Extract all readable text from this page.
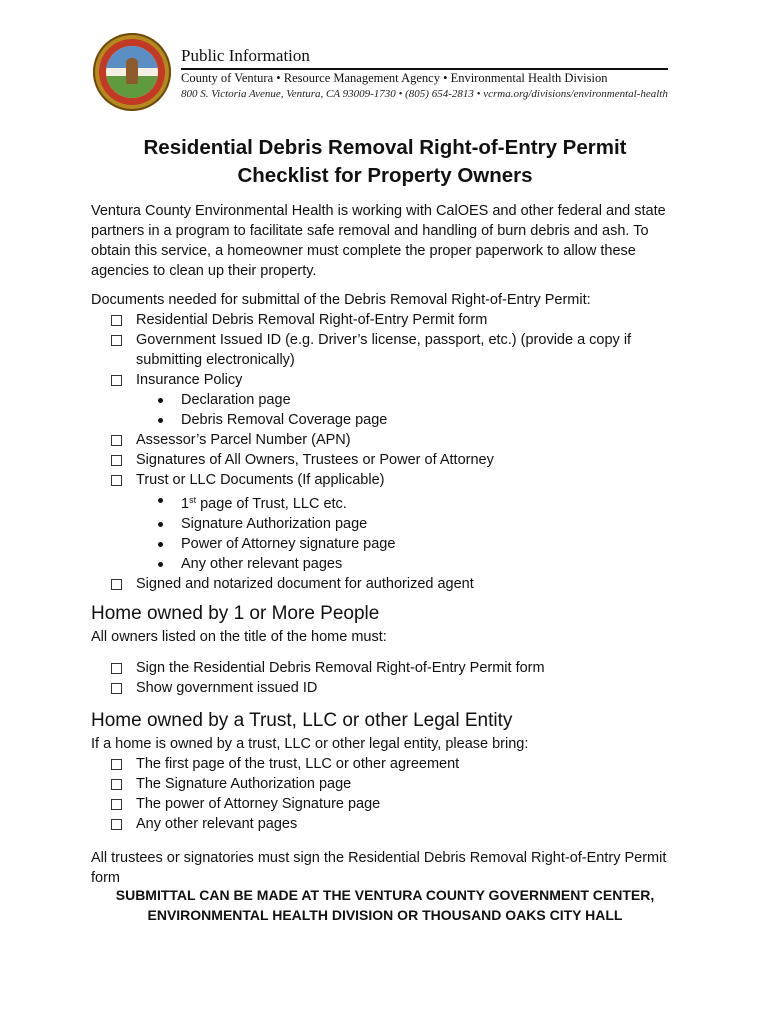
Public Information

County of Ventura • Resource Management Agency • Environmental Health Division

800 S. Victoria Avenue, Ventura, CA 93009-1730 • (805) 654-2813 • vcrma.org/divisions/environmental-health

Residential Debris Removal Right-of-Entry Permit
Checklist for Property Owners

Ventura County Environmental Health is working with CalOES and other federal and state partners in a program to facilitate safe removal and handling of burn debris and ash. To obtain this service, a homeowner must complete the proper paperwork to allow these agencies to clean up their property.

Documents needed for submittal of the Debris Removal Right-of-Entry Permit:

Residential Debris Removal Right-of-Entry Permit form
Government Issued ID (e.g. Driver’s license, passport, etc.) (provide a copy if submitting electronically)
Insurance Policy
Declaration page
Debris Removal Coverage page
Assessor’s Parcel Number (APN)
Signatures of All Owners, Trustees or Power of Attorney
Trust or LLC Documents (If applicable)
1st page of Trust, LLC etc.
Signature Authorization page
Power of Attorney signature page
Any other relevant pages
Signed and notarized document for authorized agent
Home owned by 1 or More People

All owners listed on the title of the home must:

Sign the Residential Debris Removal Right-of-Entry Permit form
Show government issued ID
Home owned by a Trust, LLC or other Legal Entity

If a home is owned by a trust, LLC or other legal entity, please bring:

The first page of the trust, LLC or other agreement
The Signature Authorization page
The power of Attorney Signature page
Any other relevant pages

All trustees or signatories must sign the Residential Debris Removal Right-of-Entry Permit form

SUBMITTAL CAN BE MADE AT THE VENTURA COUNTY GOVERNMENT CENTER,

ENVIRONMENTAL HEALTH DIVISION OR THOUSAND OAKS CITY HALL
